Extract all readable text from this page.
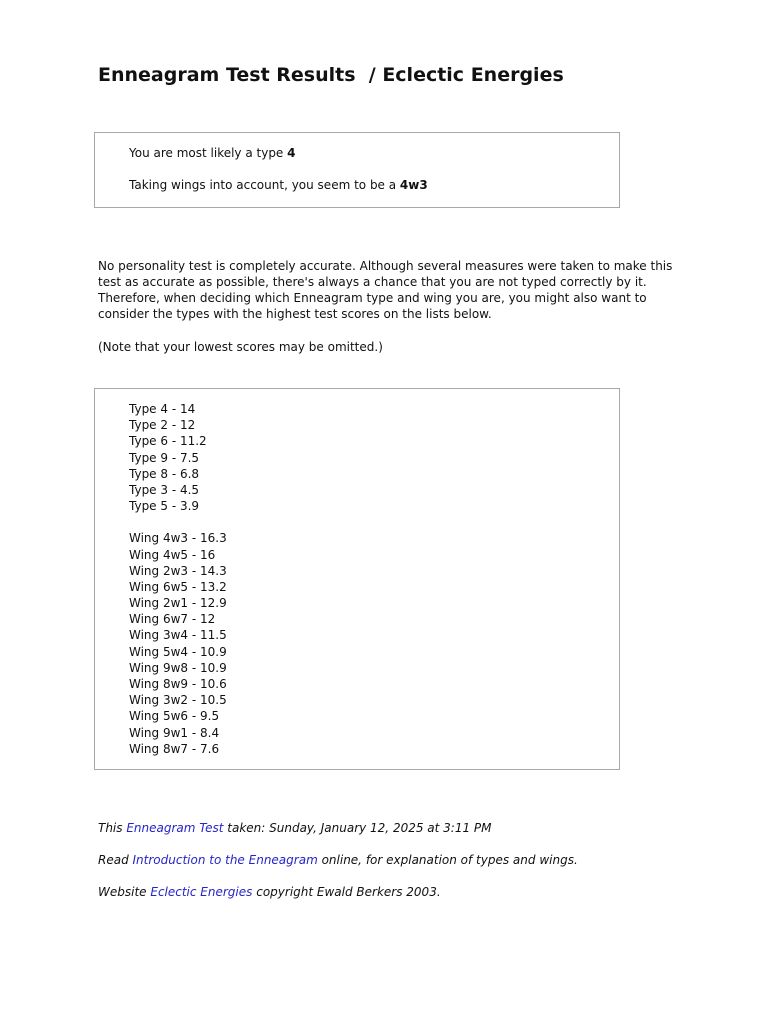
Enneagram Test Results  / Eclectic Energies
You are most likely a type 4
Taking wings into account, you seem to be a 4w3

No personality test is completely accurate. Although several measures were taken to make this test as accurate as possible, there's always a chance that you are not typed correctly by it. Therefore, when deciding which Enneagram type and wing you are, you might also want to consider the types with the highest test scores on the lists below.

(Note that your lowest scores may be omitted.)

Type 4 - 14
Type 2 - 12
Type 6 - 11.2
Type 9 - 7.5
Type 8 - 6.8
Type 3 - 4.5
Type 5 - 3.9
Wing 4w3 - 16.3
Wing 4w5 - 16
Wing 2w3 - 14.3
Wing 6w5 - 13.2
Wing 2w1 - 12.9
Wing 6w7 - 12
Wing 3w4 - 11.5
Wing 5w4 - 10.9
Wing 9w8 - 10.9
Wing 8w9 - 10.6
Wing 3w2 - 10.5
Wing 5w6 - 9.5
Wing 9w1 - 8.4
Wing 8w7 - 7.6
This Enneagram Test taken: Sunday, January 12, 2025 at 3:11 PM
Read Introduction to the Enneagram online, for explanation of types and wings.
Website Eclectic Energies copyright Ewald Berkers 2003.
